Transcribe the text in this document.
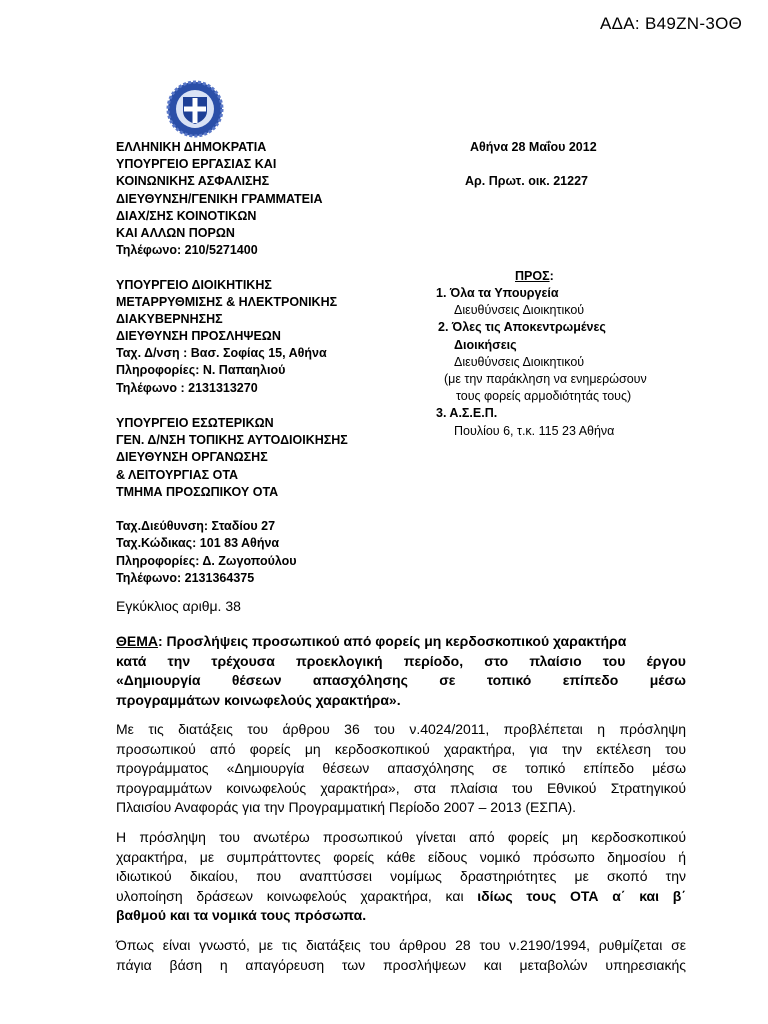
ΑΔΑ: Β49ΖΝ-3ΟΘ
ΕΛΛΗΝΙΚΗ ΔΗΜΟΚΡΑΤΙΑ
ΥΠΟΥΡΓΕΙΟ ΕΡΓΑΣΙΑΣ ΚΑΙ
ΚΟΙΝΩΝΙΚΗΣ ΑΣΦΑΛΙΣΗΣ
ΔΙΕΥΘΥΝΣΗ/ΓΕΝΙΚΗ ΓΡΑΜΜΑΤΕΙΑ
ΔΙΑΧ/ΣΗΣ ΚΟΙΝΟΤΙΚΩΝ
ΚΑΙ ΑΛΛΩΝ ΠΟΡΩΝ
Τηλέφωνο: 210/5271400
ΥΠΟΥΡΓΕΙΟ ΔΙΟΙΚΗΤΙΚΗΣ
ΜΕΤΑΡΡΥΘΜΙΣΗΣ & ΗΛΕΚΤΡΟΝΙΚΗΣ
ΔΙΑΚΥΒΕΡΝΗΣΗΣ
ΔΙΕΥΘΥΝΣΗ ΠΡΟΣΛΗΨΕΩΝ
Ταχ. Δ/νση : Βασ. Σοφίας 15, Αθήνα
Πληροφορίες: Ν. Παπαηλιού
Τηλέφωνο : 2131313270
Αθήνα 28 Μαΐου 2012
Αρ. Πρωτ. οικ. 21227
ΠΡΟΣ:
1. Όλα τα Υπουργεία
Διευθύνσεις Διοικητικού
2. Όλες τις Αποκεντρωμένες
Διοικήσεις
Διευθύνσεις Διοικητικού
(με την παράκληση να ενημερώσουν
τους φορείς αρμοδιότητάς τους)
3. Α.Σ.Ε.Π.
Πουλίου 6, τ.κ. 115 23 Αθήνα
ΥΠΟΥΡΓΕΙΟ ΕΣΩΤΕΡΙΚΩΝ
ΓΕΝ. Δ/ΝΣΗ ΤΟΠΙΚΗΣ ΑΥΤΟΔΙΟΙΚΗΣΗΣ
ΔΙΕΥΘΥΝΣΗ ΟΡΓΑΝΩΣΗΣ
& ΛΕΙΤΟΥΡΓΙΑΣ ΟΤΑ
ΤΜΗΜΑ ΠΡΟΣΩΠΙΚΟΥ ΟΤΑ
Ταχ.Διεύθυνση: Σταδίου 27
Ταχ.Κώδικας: 101 83 Αθήνα
Πληροφορίες: Δ. Ζωγοπούλου
Τηλέφωνο: 2131364375
Εγκύκλιος αριθμ. 38
ΘΕΜΑ: Προσλήψεις προσωπικού από φορείς μη κερδοσκοπικού χαρακτήρα
κατά την τρέχουσα προεκλογική περίοδο, στο πλαίσιο του έργου
«Δημιουργία θέσεων απασχόλησης σε τοπικό επίπεδο μέσω
προγραμμάτων κοινωφελούς χαρακτήρα».
Με τις διατάξεις του άρθρου 36 του ν.4024/2011, προβλέπεται η πρόσληψη
προσωπικού από φορείς μη κερδοσκοπικού χαρακτήρα, για την εκτέλεση του
προγράμματος «Δημιουργία θέσεων απασχόλησης σε τοπικό επίπεδο μέσω
προγραμμάτων κοινωφελούς χαρακτήρα», στα πλαίσια του Εθνικού Στρατηγικού
Πλαισίου Αναφοράς για την Προγραμματική Περίοδο 2007 – 2013 (ΕΣΠΑ).
Η πρόσληψη του ανωτέρω προσωπικού γίνεται από φορείς μη κερδοσκοπικού
χαρακτήρα, με συμπράττοντες φορείς κάθε είδους νομικό πρόσωπο δημοσίου ή
ιδιωτικού δικαίου, που αναπτύσσει νομίμως δραστηριότητες με σκοπό την
υλοποίηση δράσεων κοινωφελούς χαρακτήρα, και ιδίως τους ΟΤΑ α΄ και β΄
βαθμού και τα νομικά τους πρόσωπα.
Όπως είναι γνωστό, με τις διατάξεις του άρθρου 28 του ν.2190/1994, ρυθμίζεται σε
πάγια βάση η απαγόρευση των προσλήψεων και μεταβολών υπηρεσιακής
